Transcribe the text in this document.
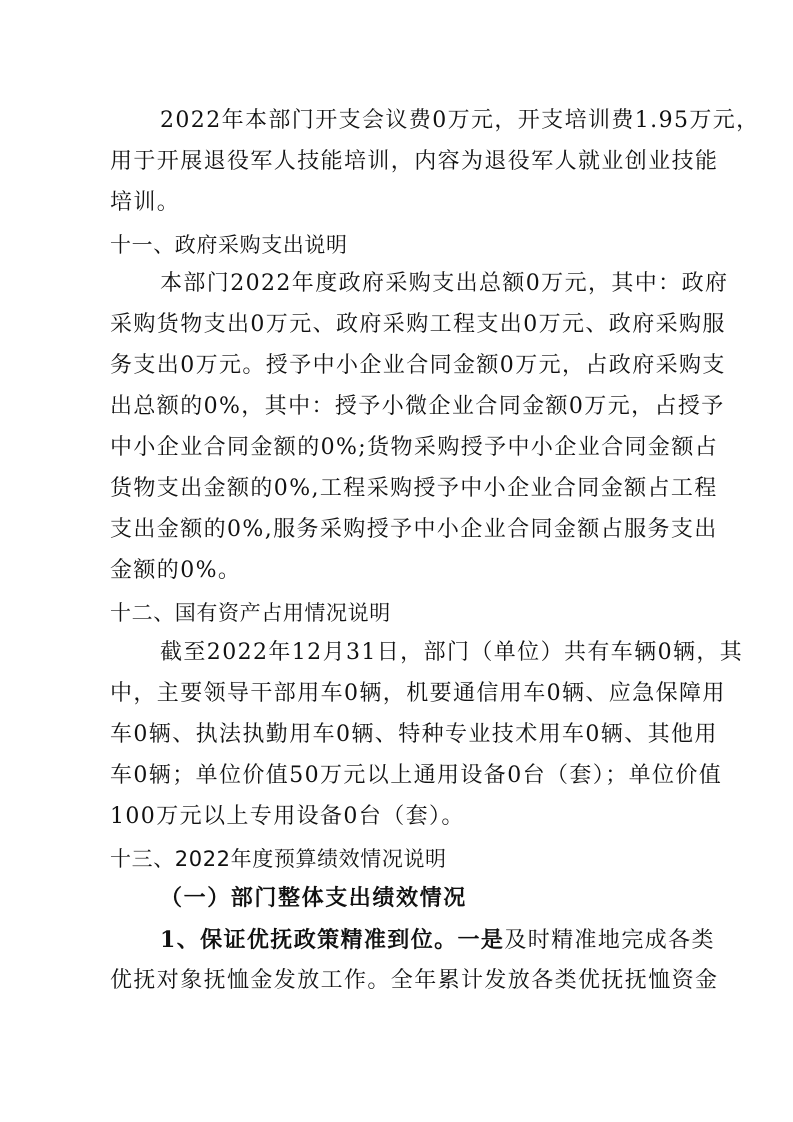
2022年本部门开支会议费0万元，开支培训费1.95万元，
用于开展退役军人技能培训，内容为退役军人就业创业技能
培训。
十一、政府采购支出说明
本部门2022年度政府采购支出总额0万元，其中：政府
采购货物支出0万元、政府采购工程支出0万元、政府采购服
务支出0万元。授予中小企业合同金额0万元，占政府采购支
出总额的0%，其中：授予小微企业合同金额0万元，占授予
中小企业合同金额的0%;货物采购授予中小企业合同金额占
货物支出金额的0%,工程采购授予中小企业合同金额占工程
支出金额的0%,服务采购授予中小企业合同金额占服务支出
金额的0%。
十二、国有资产占用情况说明
截至2022年12月31日，部门（单位）共有车辆0辆，其
中，主要领导干部用车0辆，机要通信用车0辆、应急保障用
车0辆、执法执勤用车0辆、特种专业技术用车0辆、其他用
车0辆；单位价值50万元以上通用设备0台（套）；单位价值
100万元以上专用设备0台（套）。
十三、2022年度预算绩效情况说明
（一）部门整体支出绩效情况
1、保证优抚政策精准到位。一是及时精准地完成各类
优抚对象抚恤金发放工作。全年累计发放各类优抚抚恤资金
